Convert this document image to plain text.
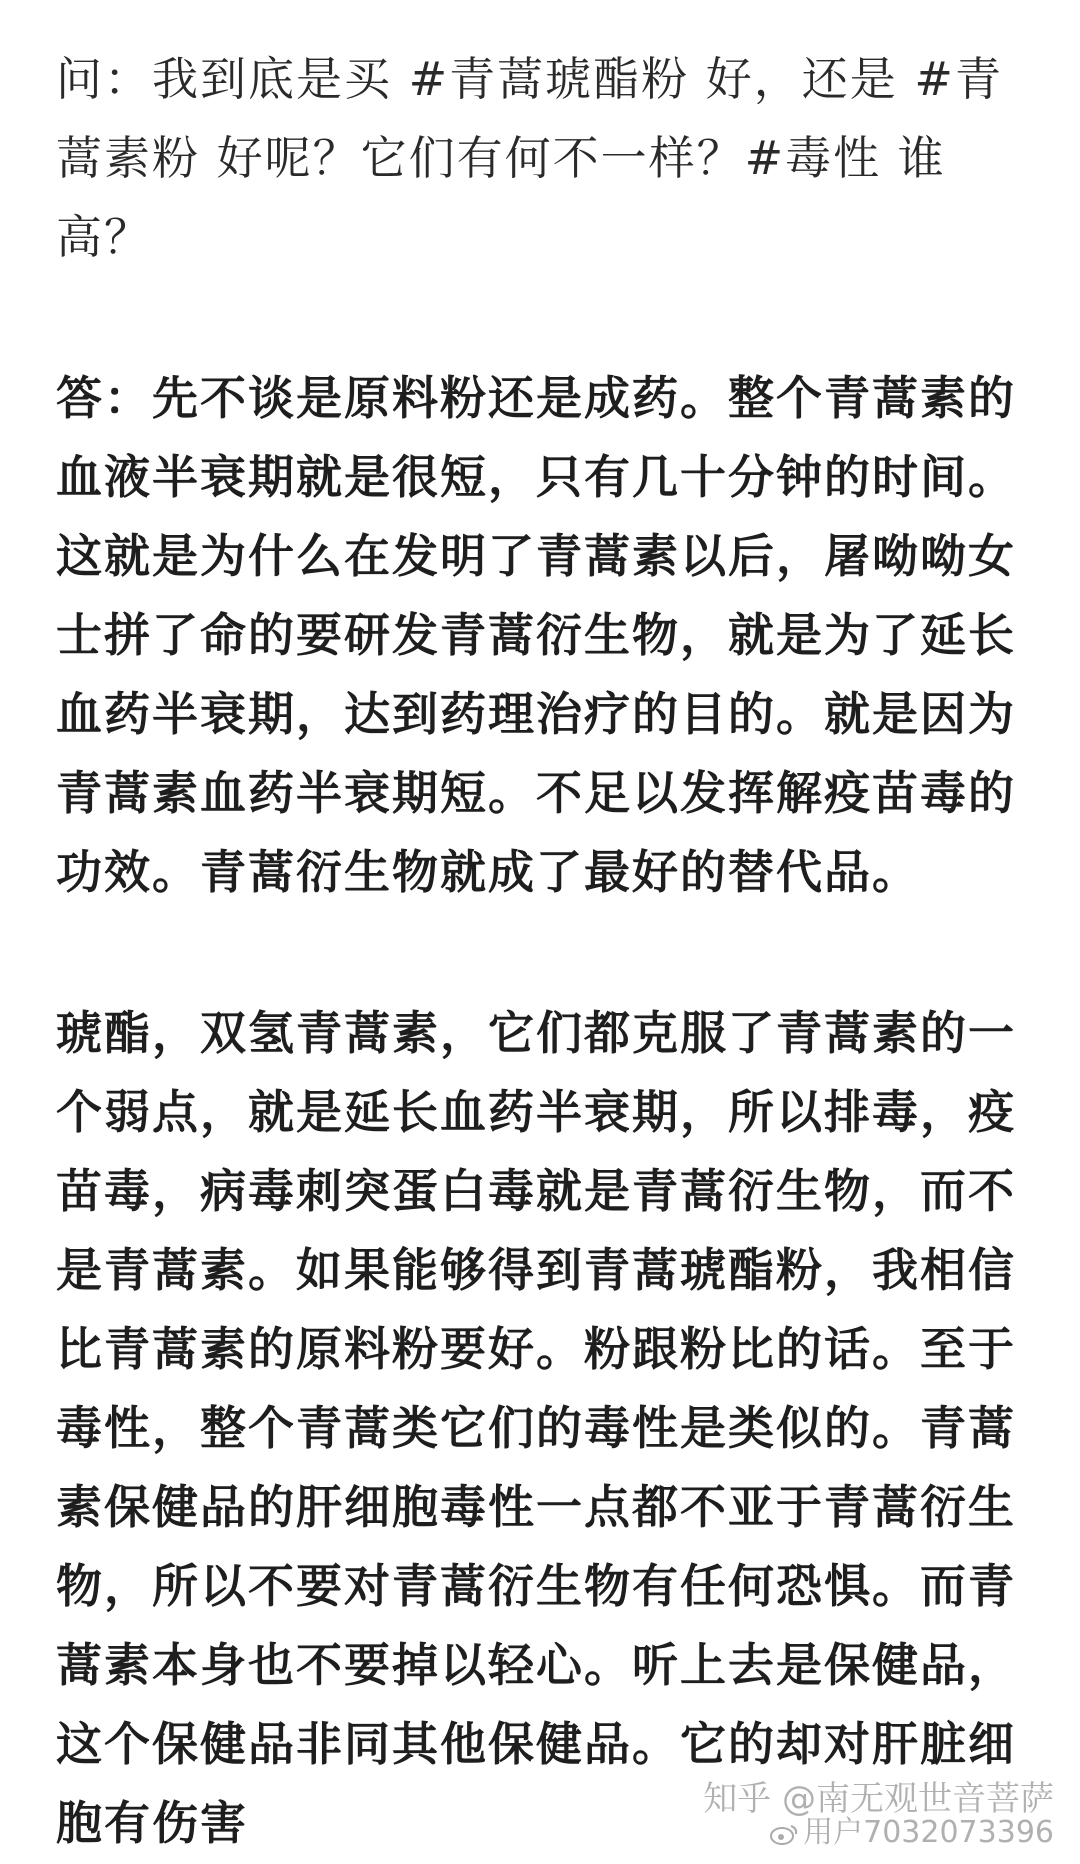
问：我到底是买 #青蒿琥酯粉 好，还是 #青蒿素粉 好呢？它们有何不一样？#毒性 谁高？

答：先不谈是原料粉还是成药。整个青蒿素的血液半衰期就是很短，只有几十分钟的时间。这就是为什么在发明了青蒿素以后，屠呦呦女士拼了命的要研发青蒿衍生物，就是为了延长血药半衰期，达到药理治疗的目的。就是因为青蒿素血药半衰期短。不足以发挥解疫苗毒的功效。青蒿衍生物就成了最好的替代品。

琥酯，双氢青蒿素，它们都克服了青蒿素的一个弱点，就是延长血药半衰期，所以排毒，疫苗毒，病毒刺突蛋白毒就是青蒿衍生物，而不是青蒿素。如果能够得到青蒿琥酯粉，我相信比青蒿素的原料粉要好。粉跟粉比的话。至于毒性，整个青蒿类它们的毒性是类似的。青蒿素保健品的肝细胞毒性一点都不亚于青蒿衍生物，所以不要对青蒿衍生物有任何恐惧。而青蒿素本身也不要掉以轻心。听上去是保健品，这个保健品非同其他保健品。它的却对肝脏细胞有伤害	知乎 @南无观世音菩萨
用户7032073396
